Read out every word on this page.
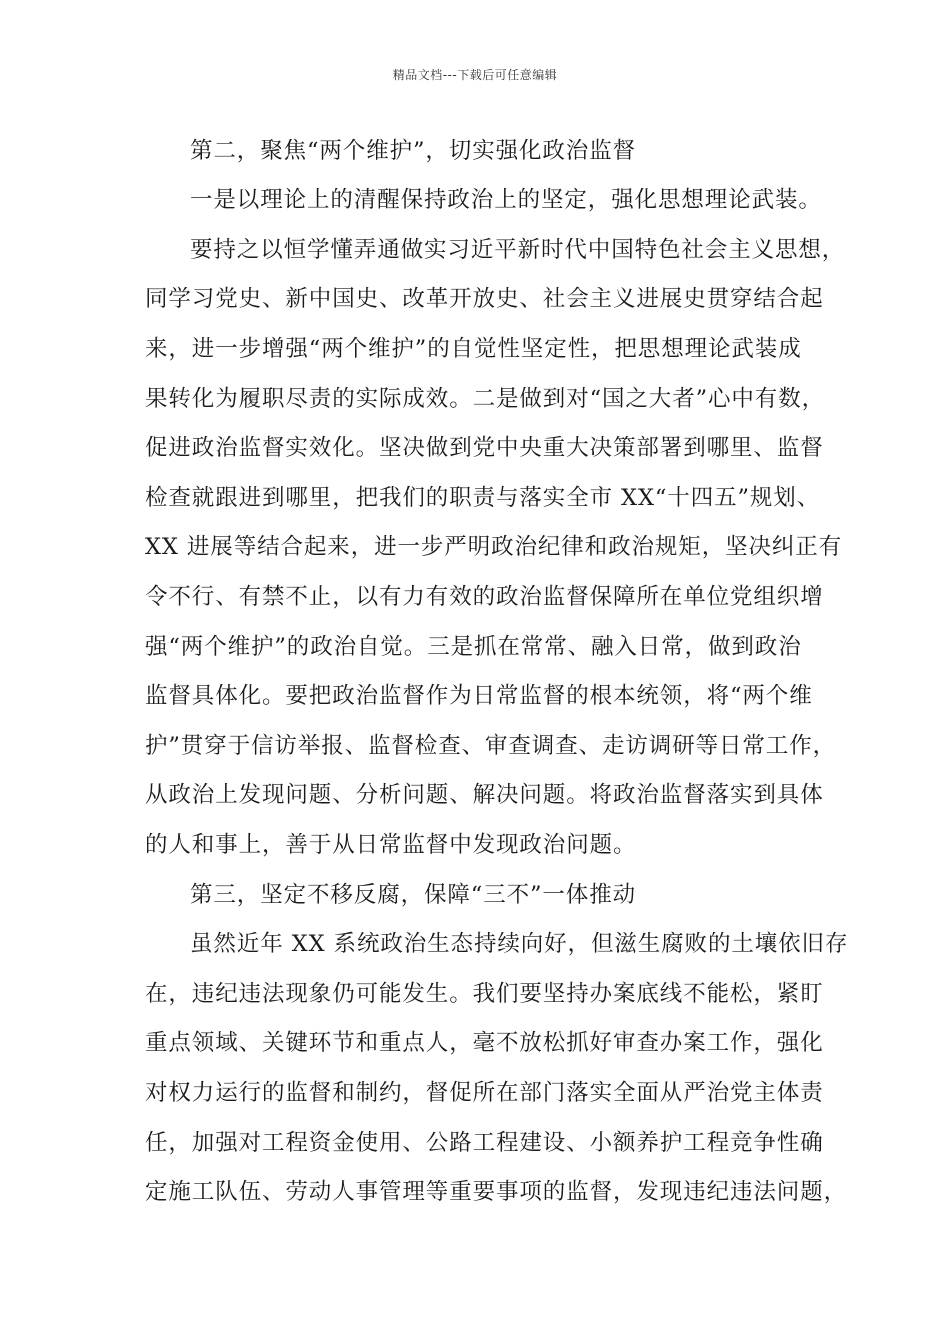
精品文档---下载后可任意编辑
第二，聚焦“两个维护”，切实强化政治监督
一是以理论上的清醒保持政治上的坚定，强化思想理论武装。
要持之以恒学懂弄通做实习近平新时代中国特色社会主义思想，
同学习党史、新中国史、改革开放史、社会主义进展史贯穿结合起
来，进一步增强“两个维护”的自觉性坚定性，把思想理论武装成
果转化为履职尽责的实际成效。二是做到对“国之大者”心中有数，
促进政治监督实效化。坚决做到党中央重大决策部署到哪里、监督
检查就跟进到哪里，把我们的职责与落实全市 XX“十四五”规划、
XX 进展等结合起来，进一步严明政治纪律和政治规矩，坚决纠正有
令不行、有禁不止，以有力有效的政治监督保障所在单位党组织增
强“两个维护”的政治自觉。三是抓在常常、融入日常，做到政治
监督具体化。要把政治监督作为日常监督的根本统领，将“两个维
护”贯穿于信访举报、监督检查、审查调查、走访调研等日常工作，
从政治上发现问题、分析问题、解决问题。将政治监督落实到具体
的人和事上，善于从日常监督中发现政治问题。
第三，坚定不移反腐，保障“三不”一体推动
虽然近年 XX 系统政治生态持续向好，但滋生腐败的土壤依旧存
在，违纪违法现象仍可能发生。我们要坚持办案底线不能松，紧盯
重点领域、关键环节和重点人，毫不放松抓好审查办案工作，强化
对权力运行的监督和制约，督促所在部门落实全面从严治党主体责
任，加强对工程资金使用、公路工程建设、小额养护工程竞争性确
定施工队伍、劳动人事管理等重要事项的监督，发现违纪违法问题，
